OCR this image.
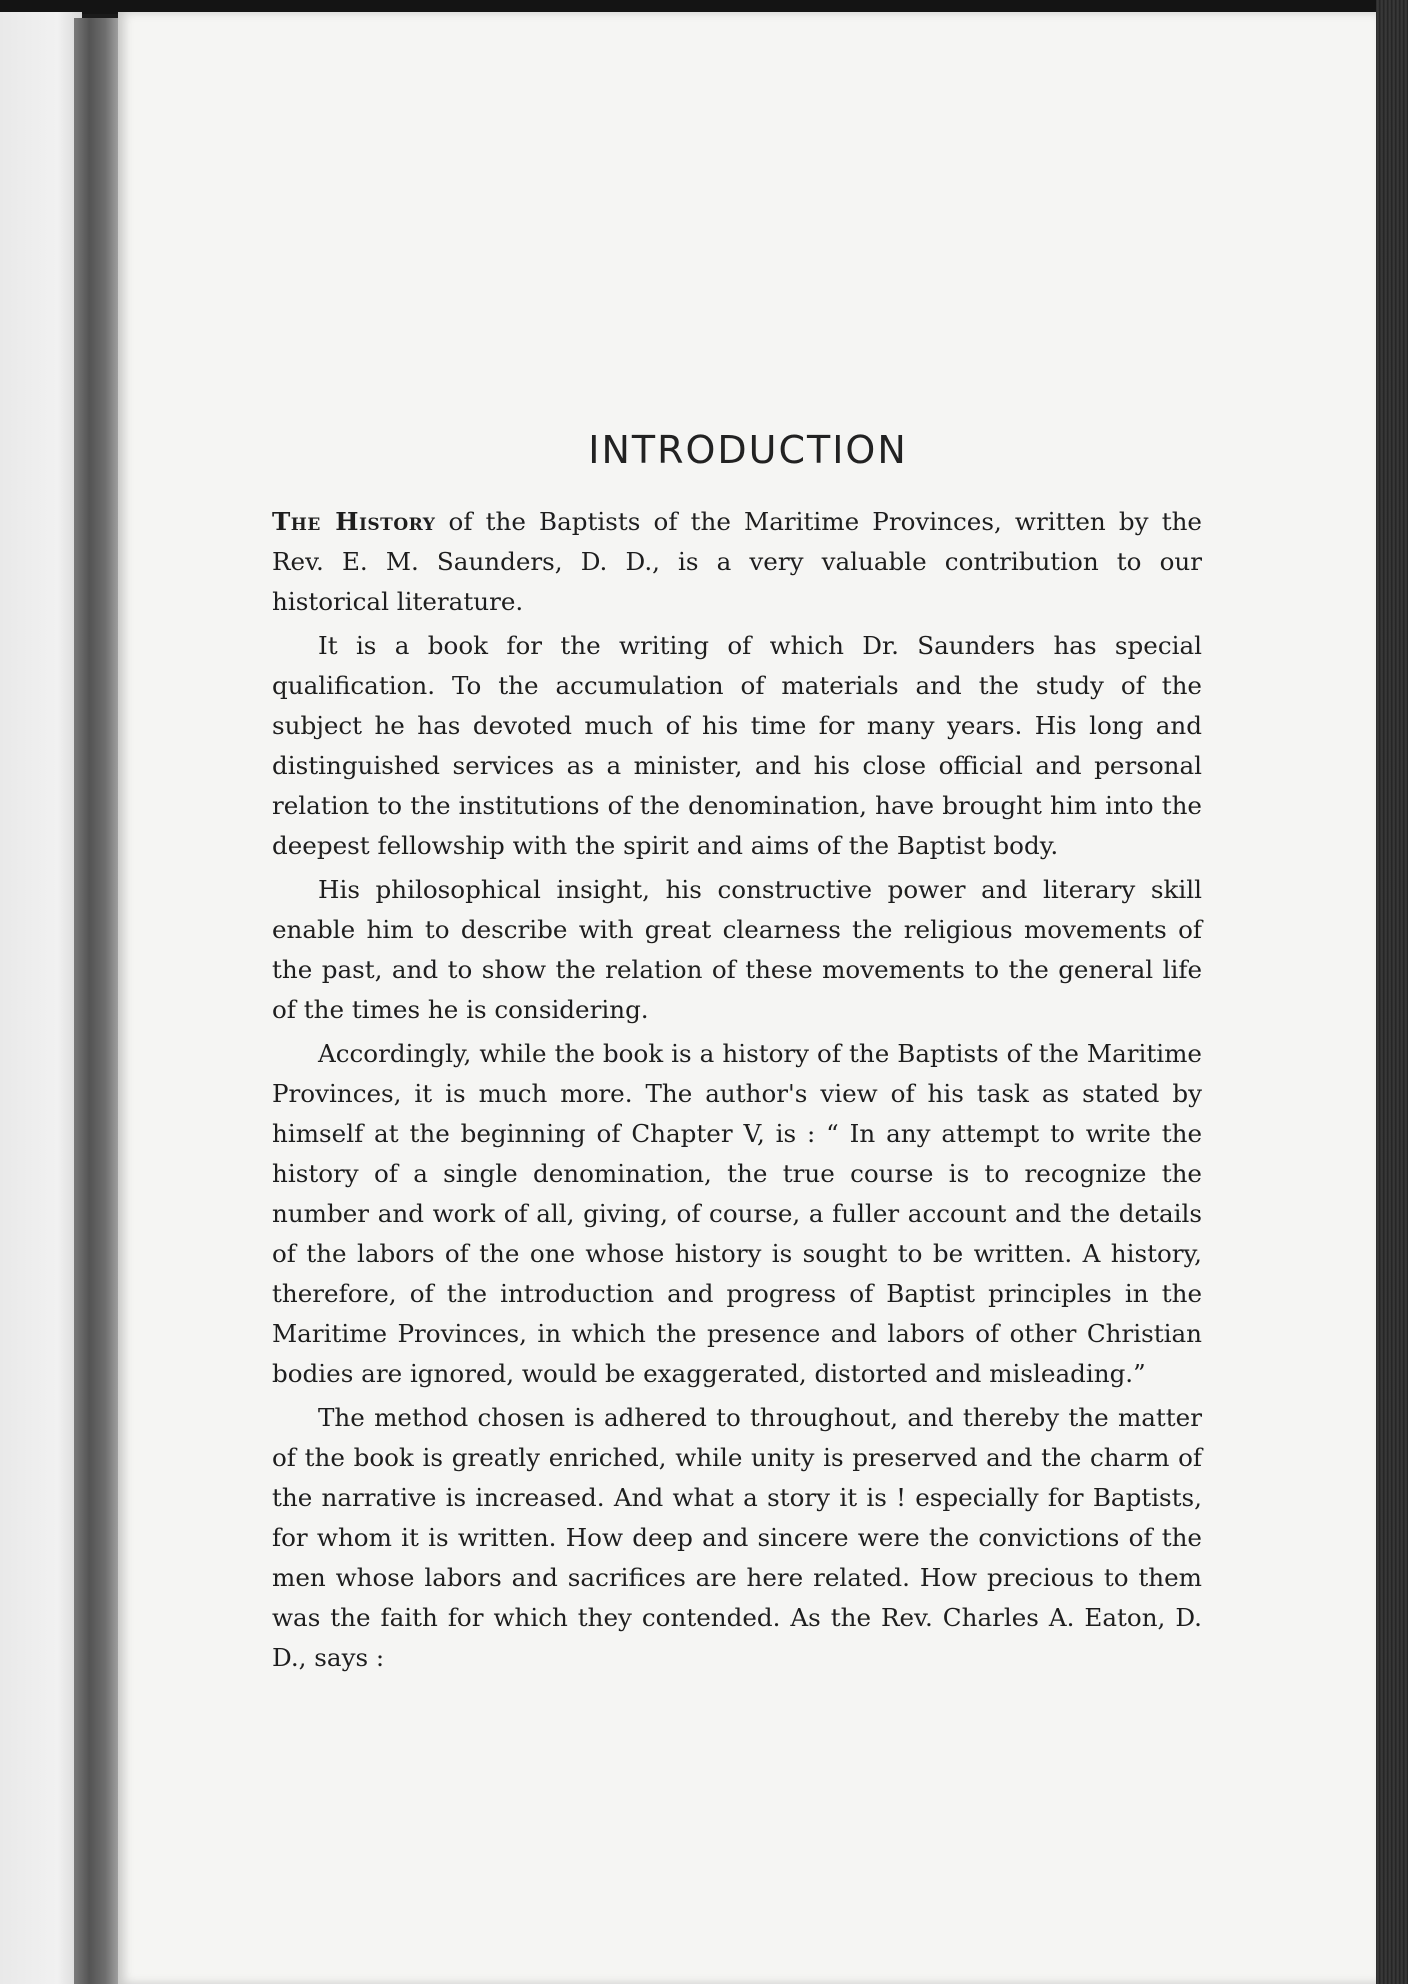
INTRODUCTION

The History of the Baptists of the Maritime Provinces, written by the Rev. E. M. Saunders, D. D., is a very valuable contribution to our historical literature.

It is a book for the writing of which Dr. Saunders has special qualification. To the accumulation of materials and the study of the subject he has devoted much of his time for many years. His long and distinguished services as a minister, and his close official and personal relation to the institutions of the denomination, have brought him into the deepest fellowship with the spirit and aims of the Baptist body.

His philosophical insight, his constructive power and literary skill enable him to describe with great clearness the religious movements of the past, and to show the relation of these movements to the general life of the times he is considering.

Accordingly, while the book is a history of the Baptists of the Maritime Provinces, it is much more. The author's view of his task as stated by himself at the beginning of Chapter V, is : “ In any attempt to write the history of a single denomination, the true course is to recognize the number and work of all, giving, of course, a fuller account and the details of the labors of the one whose history is sought to be written. A history, therefore, of the introduction and progress of Baptist principles in the Maritime Provinces, in which the presence and labors of other Christian bodies are ignored, would be exaggerated, distorted and misleading.”

The method chosen is adhered to throughout, and thereby the matter of the book is greatly enriched, while unity is preserved and the charm of the narrative is increased. And what a story it is ! especially for Baptists, for whom it is written. How deep and sincere were the convictions of the men whose labors and sacrifices are here related. How precious to them was the faith for which they contended. As the Rev. Charles A. Eaton, D. D., says :
